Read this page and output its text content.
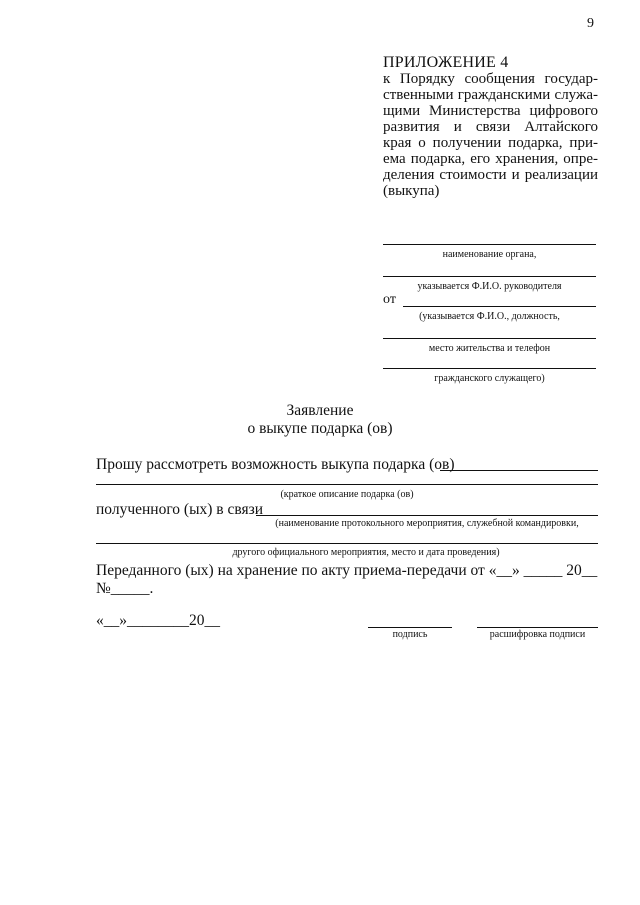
9
ПРИЛОЖЕНИЕ 4

к Порядку сообщения государ-
ственными гражданскими служа-
щими Министерства цифрового
развития и связи Алтайского
края о получении подарка, при-
ема подарка, его хранения, опре-
деления стоимости и реализации
(выкупа)
наименование органа,
указывается Ф.И.О. руководителя
от
(указывается Ф.И.О., должность,
место жительства и телефон
гражданского служащего)
Заявление
о выкупе подарка (ов)
Прошу рассмотреть возможность выкупа подарка (ов)
(краткое описание подарка (ов)
полученного (ых) в связи
(наименование протокольного мероприятия, служебной командировки,
другого официального мероприятия, место и дата проведения)
Переданного (ых) на хранение по акту приема-передачи от «__» _____ 20__
№_____.
«__»________20__
подпись	расшифровка подписи
